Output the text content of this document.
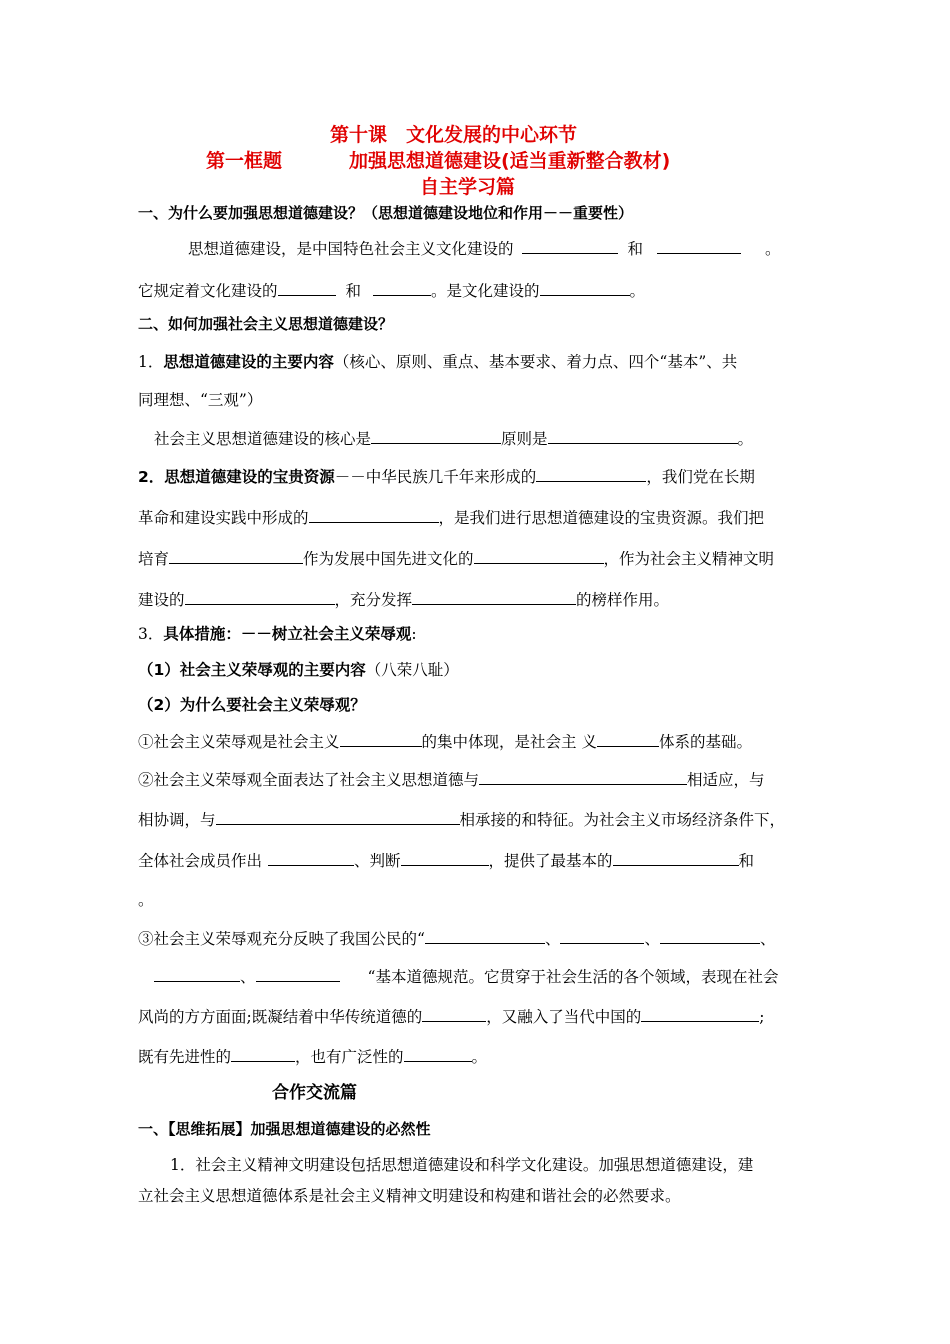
第十课　文化发展的中心环节
第一框题	加强思想道德建设(适当重新整合教材)
自主学习篇
一、为什么要加强思想道德建设？（思想道德建设地位和作用－－重要性）
思想道德建设，是中国特色社会主义文化建设的	和	。
它规定着文化建设的	和	。是文化建设的	。
二、如何加强社会主义思想道德建设？
1．思想道德建设的主要内容（核心、原则、重点、基本要求、着力点、四个“基本”、共
同理想、“三观”）
社会主义思想道德建设的核心是	原则是	。
2．思想道德建设的宝贵资源－－中华民族几千年来形成的	，我们党在长期
革命和建设实践中形成的	，是我们进行思想道德建设的宝贵资源。我们把
培育	作为发展中国先进文化的	，作为社会主义精神文明
建设的	，充分发挥	的榜样作用。
3．具体措施：－－树立社会主义荣辱观:
（1）社会主义荣辱观的主要内容（八荣八耻）
（2）为什么要社会主义荣辱观？
①社会主义荣辱观是社会主义	的集中体现，是社会主 义	体系的基础。
②社会主义荣辱观全面表达了社会主义思想道德与	相适应，与
相协调，与	相承接的和特征。为社会主义市场经济条件下，
全体社会成员作出	、判断	，提供了最基本的	和
。
③社会主义荣辱观充分反映了我国公民的“	、	、	、
、	“基本道德规范。它贯穿于社会生活的各个领域，表现在社会
风尚的方方面面;既凝结着中华传统道德的	，又融入了当代中国的	;
既有先进性的	，也有广泛性的	。
合作交流篇
一、【思维拓展】加强思想道德建设的必然性
1．社会主义精神文明建设包括思想道德建设和科学文化建设。加强思想道德建设，建
立社会主义思想道德体系是社会主义精神文明建设和构建和谐社会的必然要求。
